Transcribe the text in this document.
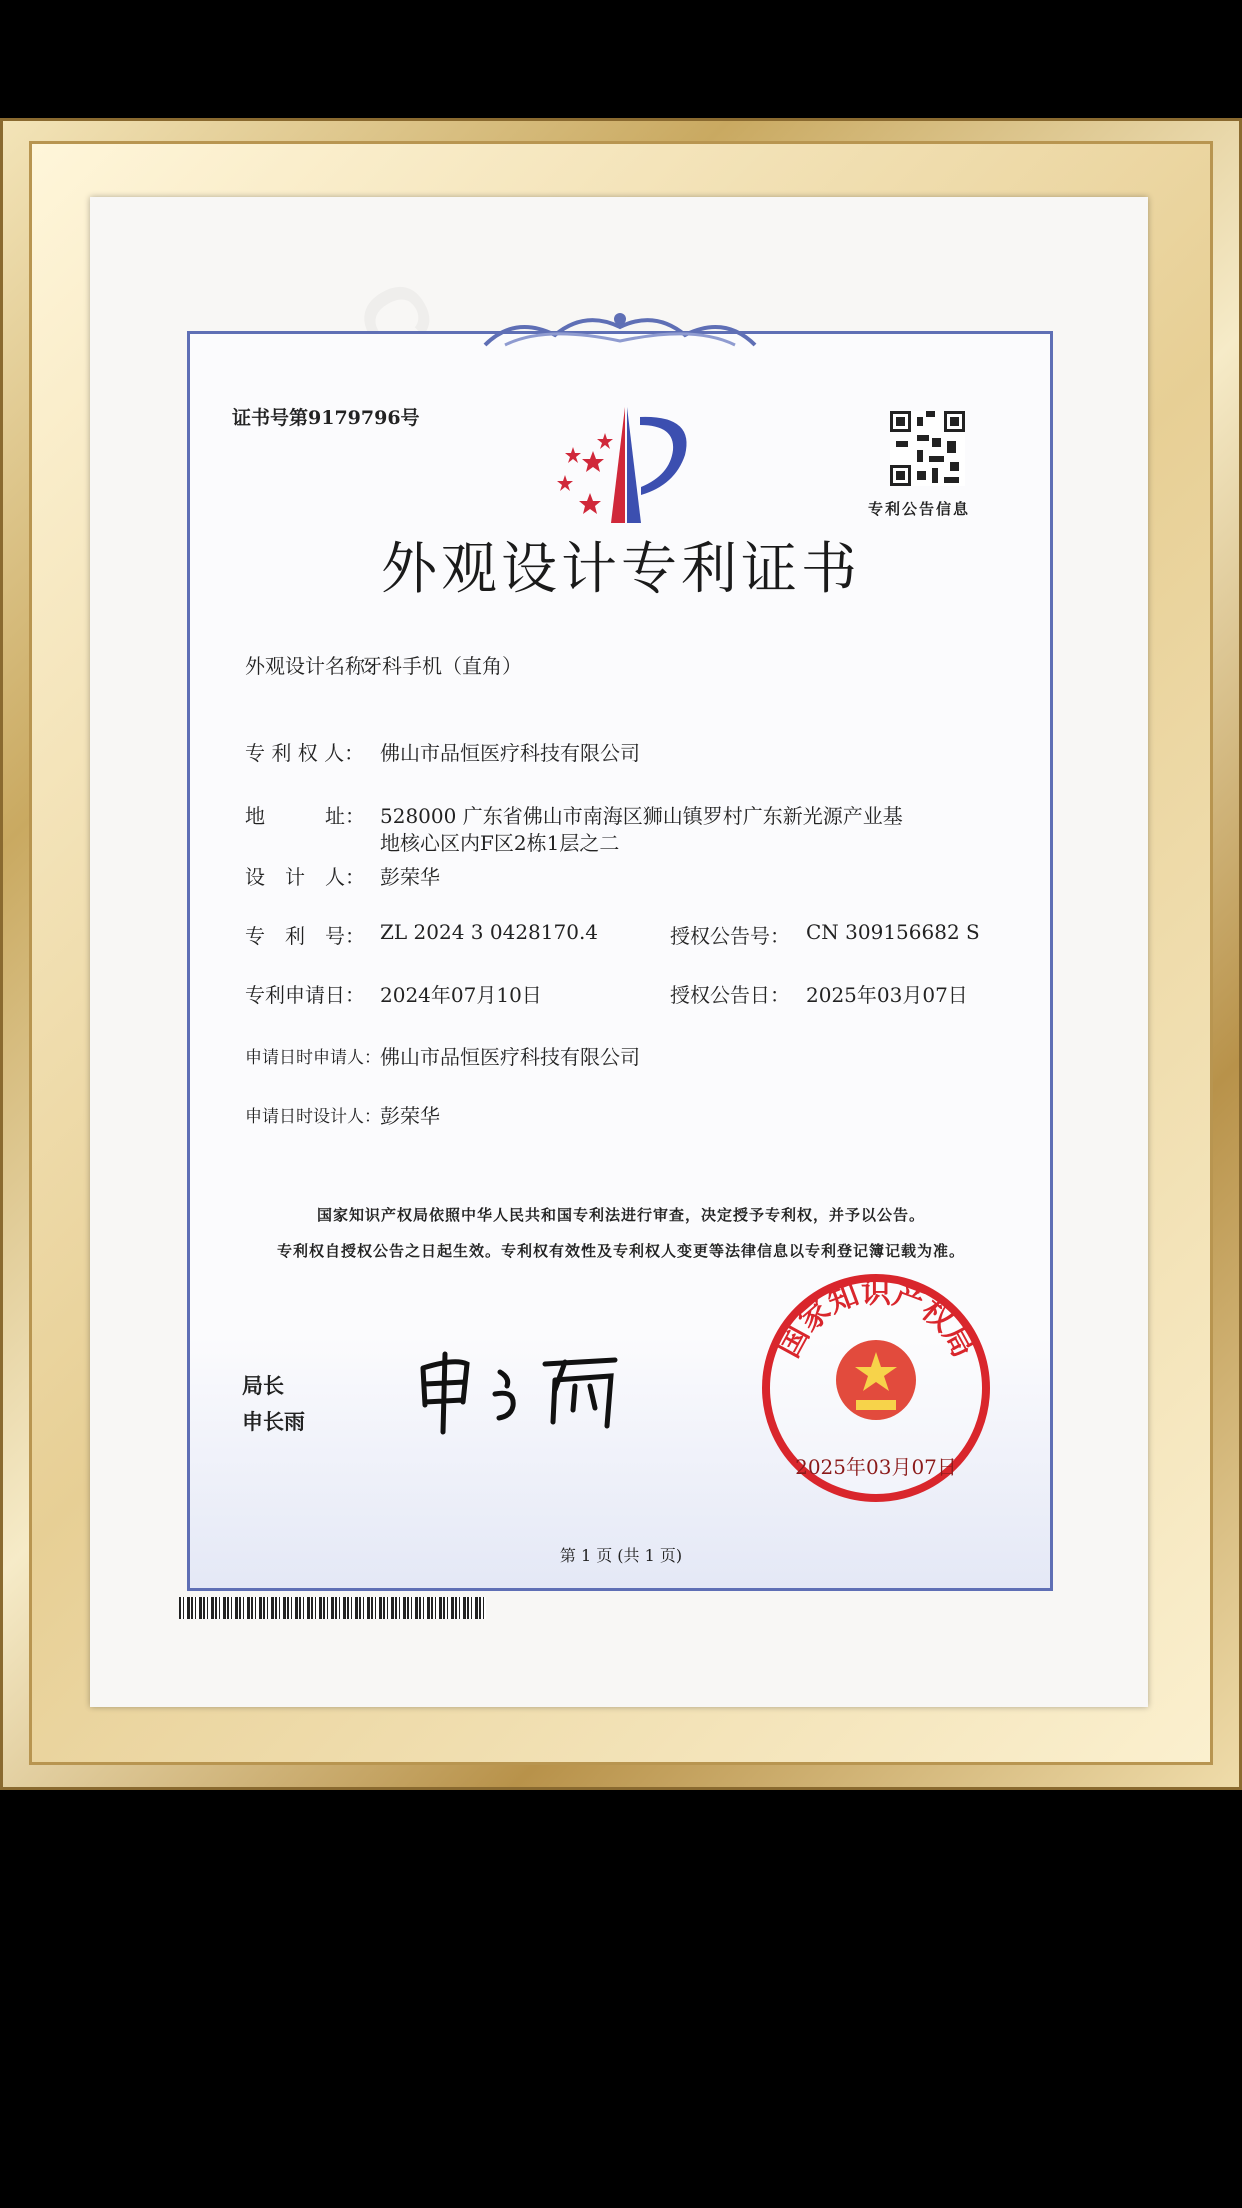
证书号第9179796号
专利公告信息
外观设计专利证书
外观设计名称：
牙科手机（直角）
专 利 权 人： 佛山市品恒医疗科技有限公司
地　　　址： 528000 广东省佛山市南海区狮山镇罗村广东新光源产业基
地核心区内F区2栋1层之二
设　计　人： 彭荣华
专　利　号： ZL 2024 3 0428170.4	授权公告号： CN 309156682 S
专利申请日： 2024年07月10日	授权公告日： 2025年03月07日
申请日时申请人： 佛山市品恒医疗科技有限公司
申请日时设计人： 彭荣华
国家知识产权局依照中华人民共和国专利法进行审查，决定授予专利权，并予以公告。
专利权自授权公告之日起生效。专利权有效性及专利权人变更等法律信息以专利登记簿记载为准。
局长
申长雨
国家知识产权局
2025年03月07日
第 1 页 (共 1 页)
